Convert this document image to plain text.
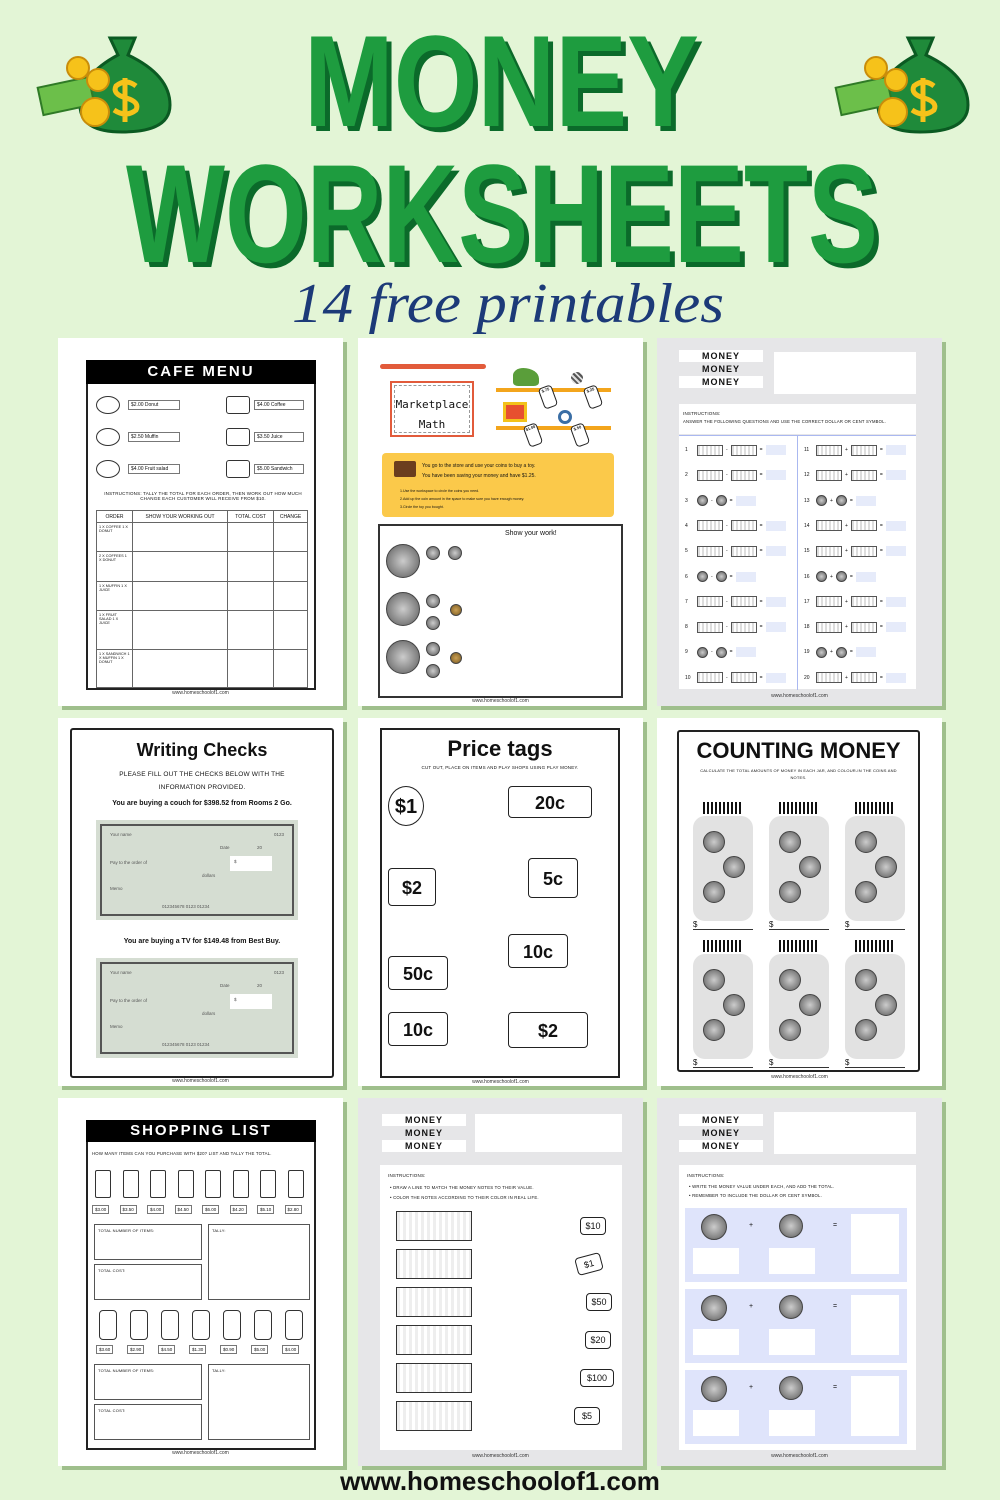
MONEY
WORKSHEETS
14 free printables
CAFE MENU
$2.00 Donut	$4.00 Coffee
$2.50 Muffin	$3.50 Juice
$4.00 Fruit salad	$5.00 Sandwich
INSTRUCTIONS: TALLY THE TOTAL FOR EACH ORDER, THEN WORK OUT HOW MUCH CHANGE EACH CUSTOMER WILL RECEIVE FROM $10.
ORDER	SHOW YOUR WORKING OUT	TOTAL COST	CHANGE
1 X COFFEE 1 X DONUT			
2 X COFFEES 1 X DONUT			
1 X MUFFIN 1 X JUICE			
1 X FRUIT SALAD 1 X JUICE			
1 X SANDWICH 1 X MUFFIN 1 X DONUT			
www.homeschoolof1.com
Marketplace Math
$.75	$.25
$1.00	$.50
You go to the store and use your coins to buy a toy.
You have been saving your money and have $1.25.
1.Use the workspace to circle the coins you need.
2.Add up the coin amount in the space to make sure you have enough money.
3.Circle the toy you bought.
Show your work!
www.homeschoolof1.com
MONEY
MONEY
MONEY
INSTRUCTIONS:
ANSWER THE FOLLOWING QUESTIONS AND USE THE CORRECT DOLLAR OR CENT SYMBOL.
1	-	=	11	+	=
2	-	=	12	+	=
3	-	=	13	+	=
4	-	=	14	+	=
5	-	=	15	+	=
6	-	=	16	+	=
7	-	=	17	+	=
8	-	=	18	+	=
9	-	=	19	+	=
10	-	=	20	+	=
www.homeschoolof1.com
Writing Checks
PLEASE FILL OUT THE CHECKS BELOW WITH THE INFORMATION PROVIDED.
You are buying a couch for $398.52 from Rooms 2 Go.
You are buying a TV for $149.48 from Best Buy.
Your name	0123
Date	20
Pay to the order of	$
dollars
Memo
012345678 0123 01234
Your name	0123
Date	20
Pay to the order of	$
dollars
Memo
012345678 0123 01234
www.homeschoolof1.com
Price tags
CUT OUT, PLACE ON ITEMS AND PLAY SHOPS USING PLAY MONEY.
$1	20c
$2	5c
50c
10c
10c	$2
www.homeschoolof1.com
COUNTING MONEY
CALCULATE THE TOTAL AMOUNTS OF MONEY IN EACH JAR, AND COLOUR-IN THE COINS AND NOTES.
$	$	$
$	$	$
www.homeschoolof1.com
SHOPPING LIST
HOW MANY ITEMS CAN YOU PURCHASE WITH $20? LIST AND TALLY THE TOTAL.
$3.00	$3.50	$4.00	$4.50	$6.00	$4.20	$5.10	$2.80
$3.60	$2.90	$4.50	$1.30	$0.90	$5.00	$4.00
TOTAL NUMBER OF ITEMS:
TOTAL COST:
TALLY:
TOTAL NUMBER OF ITEMS:
TOTAL COST:
TALLY:
www.homeschoolof1.com
MONEY
MONEY
MONEY
INSTRUCTIONS:
• DRAW A LINE TO MATCH THE MONEY NOTES TO THEIR VALUE.
• COLOR THE NOTES ACCORDING TO THEIR COLOR IN REAL LIFE.
$10
$1
$50
$20
$100
$5
www.homeschoolof1.com
MONEY
MONEY
MONEY
INSTRUCTIONS:
• WRITE THE MONEY VALUE UNDER EACH, AND ADD THE TOTAL.
• REMEMBER TO INCLUDE THE DOLLAR OR CENT SYMBOL.
+	=
+	=
+	=
www.homeschoolof1.com
www.homeschoolof1.com
